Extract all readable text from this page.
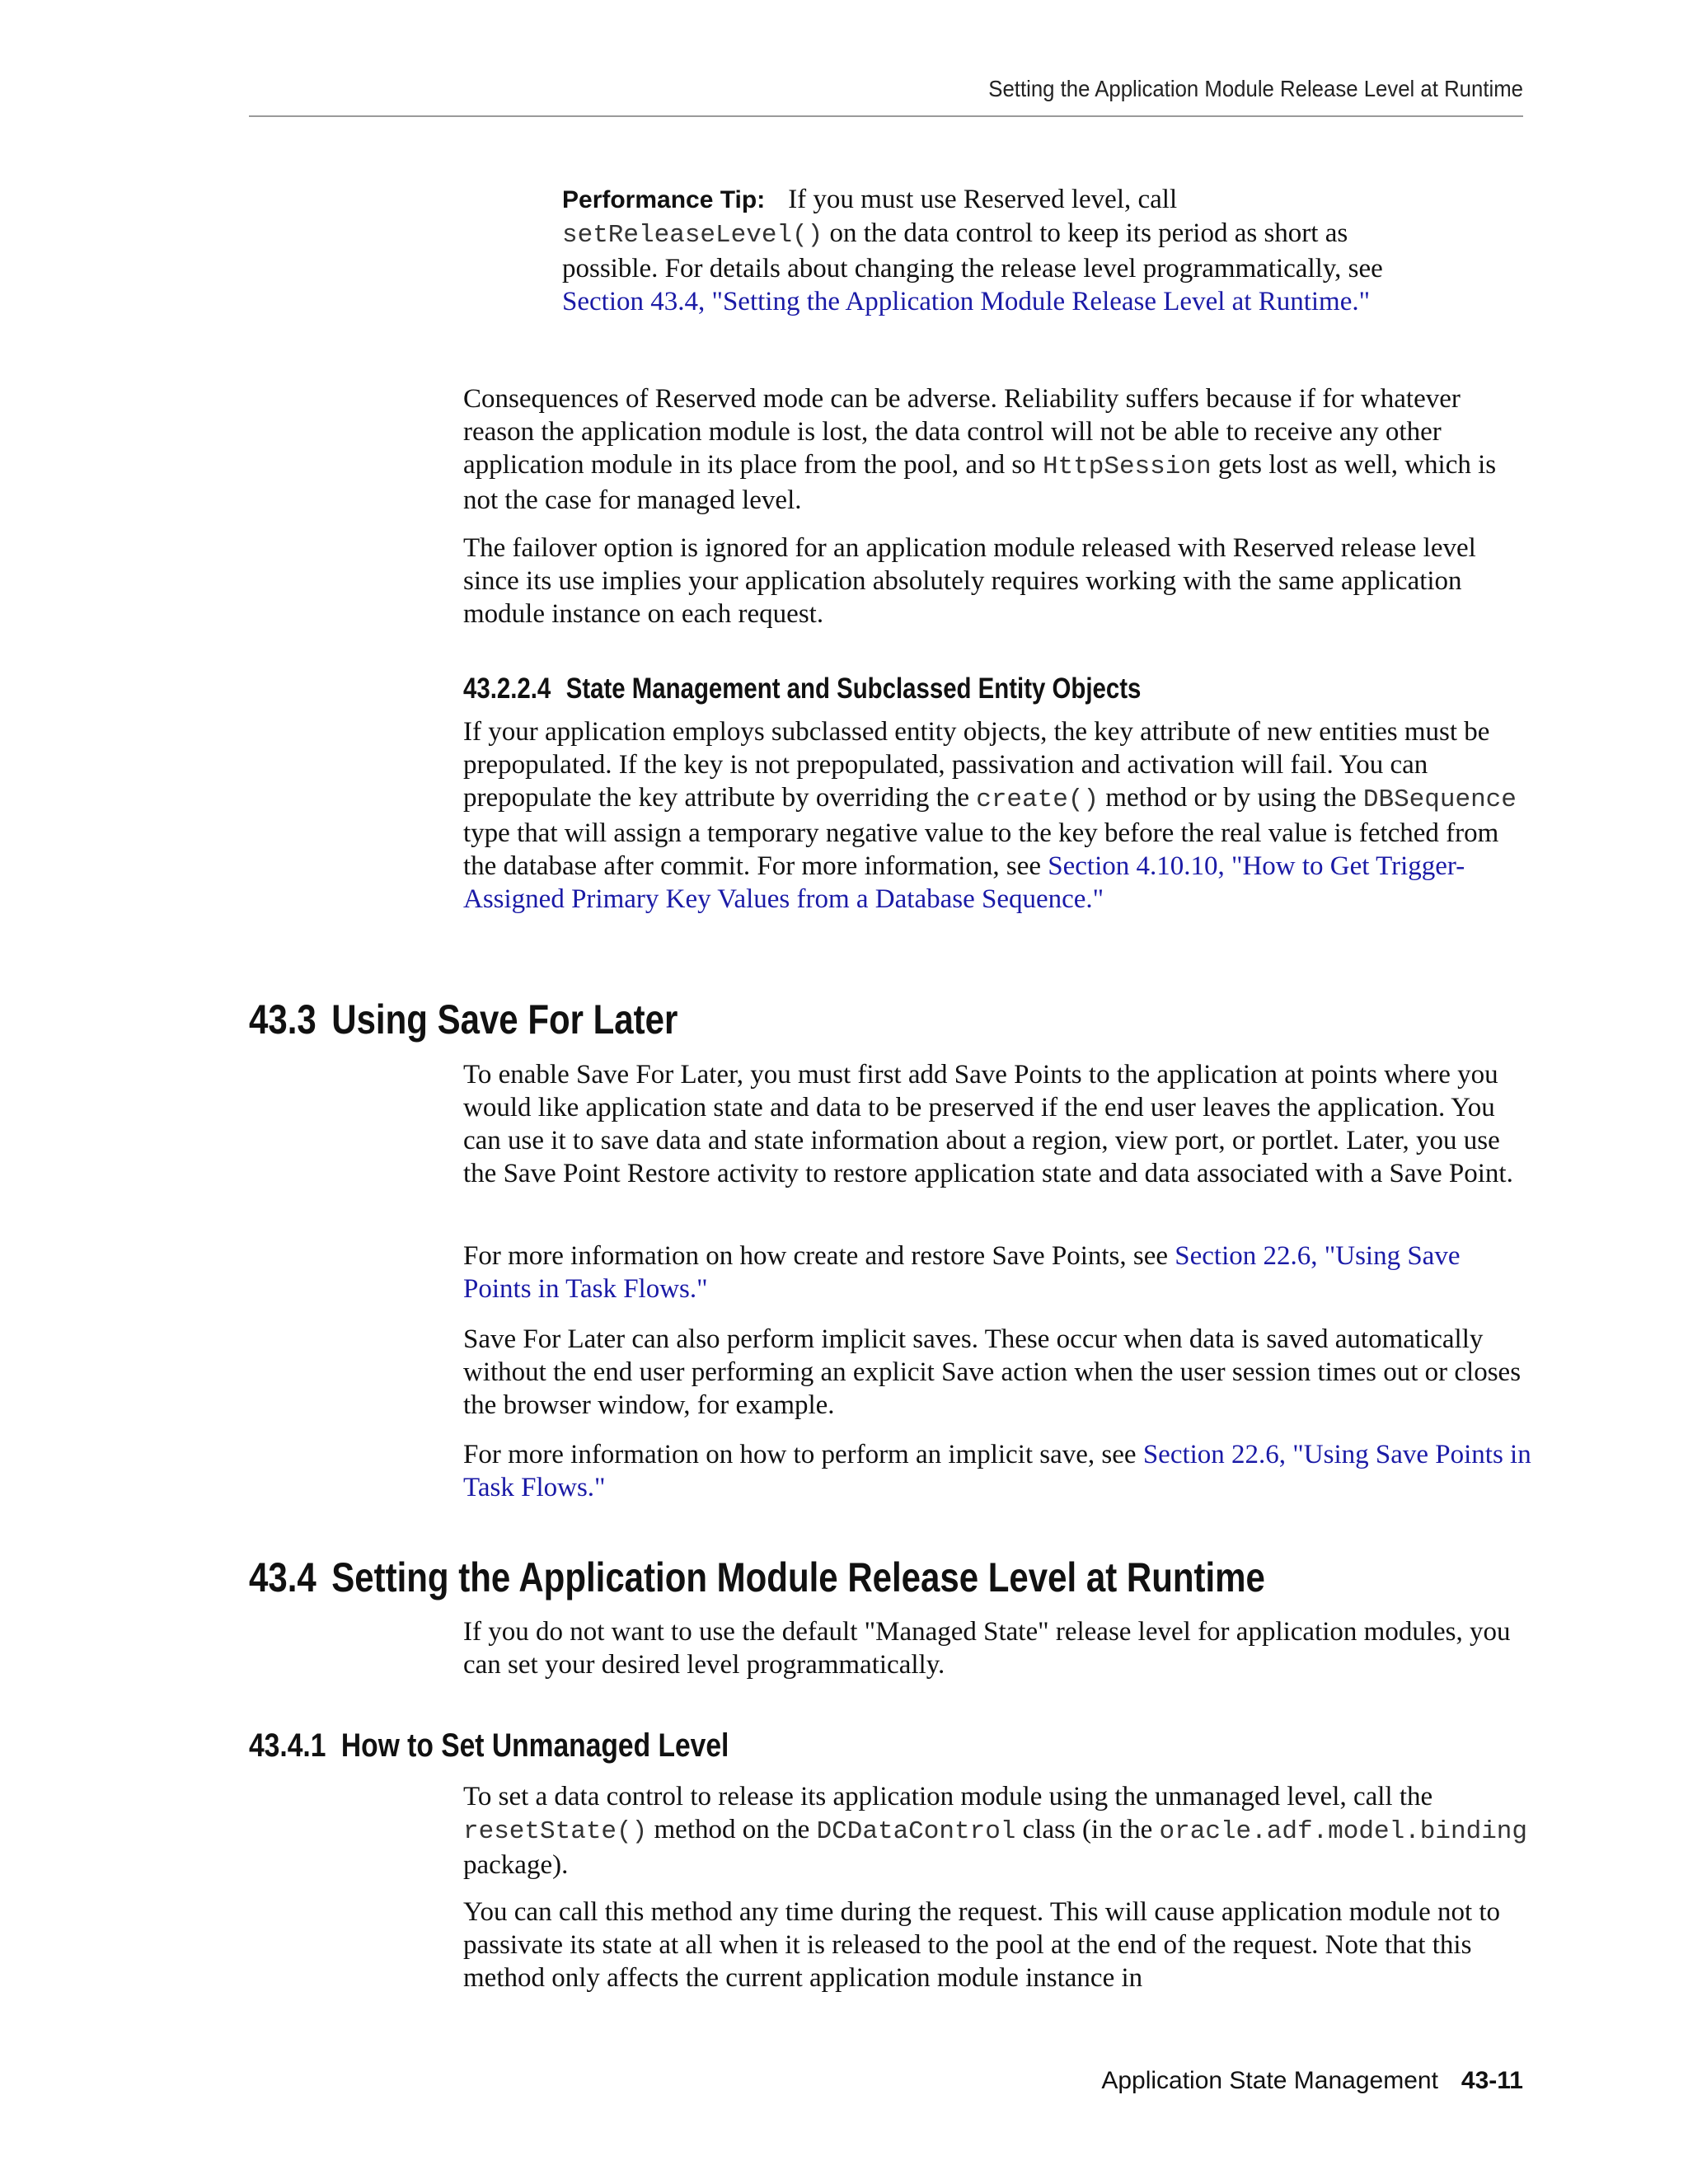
Setting the Application Module Release Level at Runtime

Performance Tip: If you must use Reserved level, call setReleaseLevel() on the data control to keep its period as short as possible. For details about changing the release level programmatically, see Section 43.4, "Setting the Application Module Release Level at Runtime."

Consequences of Reserved mode can be adverse. Reliability suffers because if for whatever reason the application module is lost, the data control will not be able to receive any other application module in its place from the pool, and so HttpSession gets lost as well, which is not the case for managed level.

The failover option is ignored for an application module released with Reserved release level since its use implies your application absolutely requires working with the same application module instance on each request.

43.2.2.4 State Management and Subclassed Entity Objects

If your application employs subclassed entity objects, the key attribute of new entities must be prepopulated. If the key is not prepopulated, passivation and activation will fail. You can prepopulate the key attribute by overriding the create() method or by using the DBSequence type that will assign a temporary negative value to the key before the real value is fetched from the database after commit. For more information, see Section 4.10.10, "How to Get Trigger-Assigned Primary Key Values from a Database Sequence."

43.3 Using Save For Later

To enable Save For Later, you must first add Save Points to the application at points where you would like application state and data to be preserved if the end user leaves the application. You can use it to save data and state information about a region, view port, or portlet. Later, you use the Save Point Restore activity to restore application state and data associated with a Save Point.

For more information on how create and restore Save Points, see Section 22.6, "Using Save Points in Task Flows."

Save For Later can also perform implicit saves. These occur when data is saved automatically without the end user performing an explicit Save action when the user session times out or closes the browser window, for example.

For more information on how to perform an implicit save, see Section 22.6, "Using Save Points in Task Flows."

43.4 Setting the Application Module Release Level at Runtime

If you do not want to use the default "Managed State" release level for application modules, you can set your desired level programmatically.

43.4.1 How to Set Unmanaged Level

To set a data control to release its application module using the unmanaged level, call the resetState() method on the DCDataControl class (in the oracle.adf.model.binding package).

You can call this method any time during the request. This will cause application module not to passivate its state at all when it is released to the pool at the end of the request. Note that this method only affects the current application module instance in

Application State Management 43-11
